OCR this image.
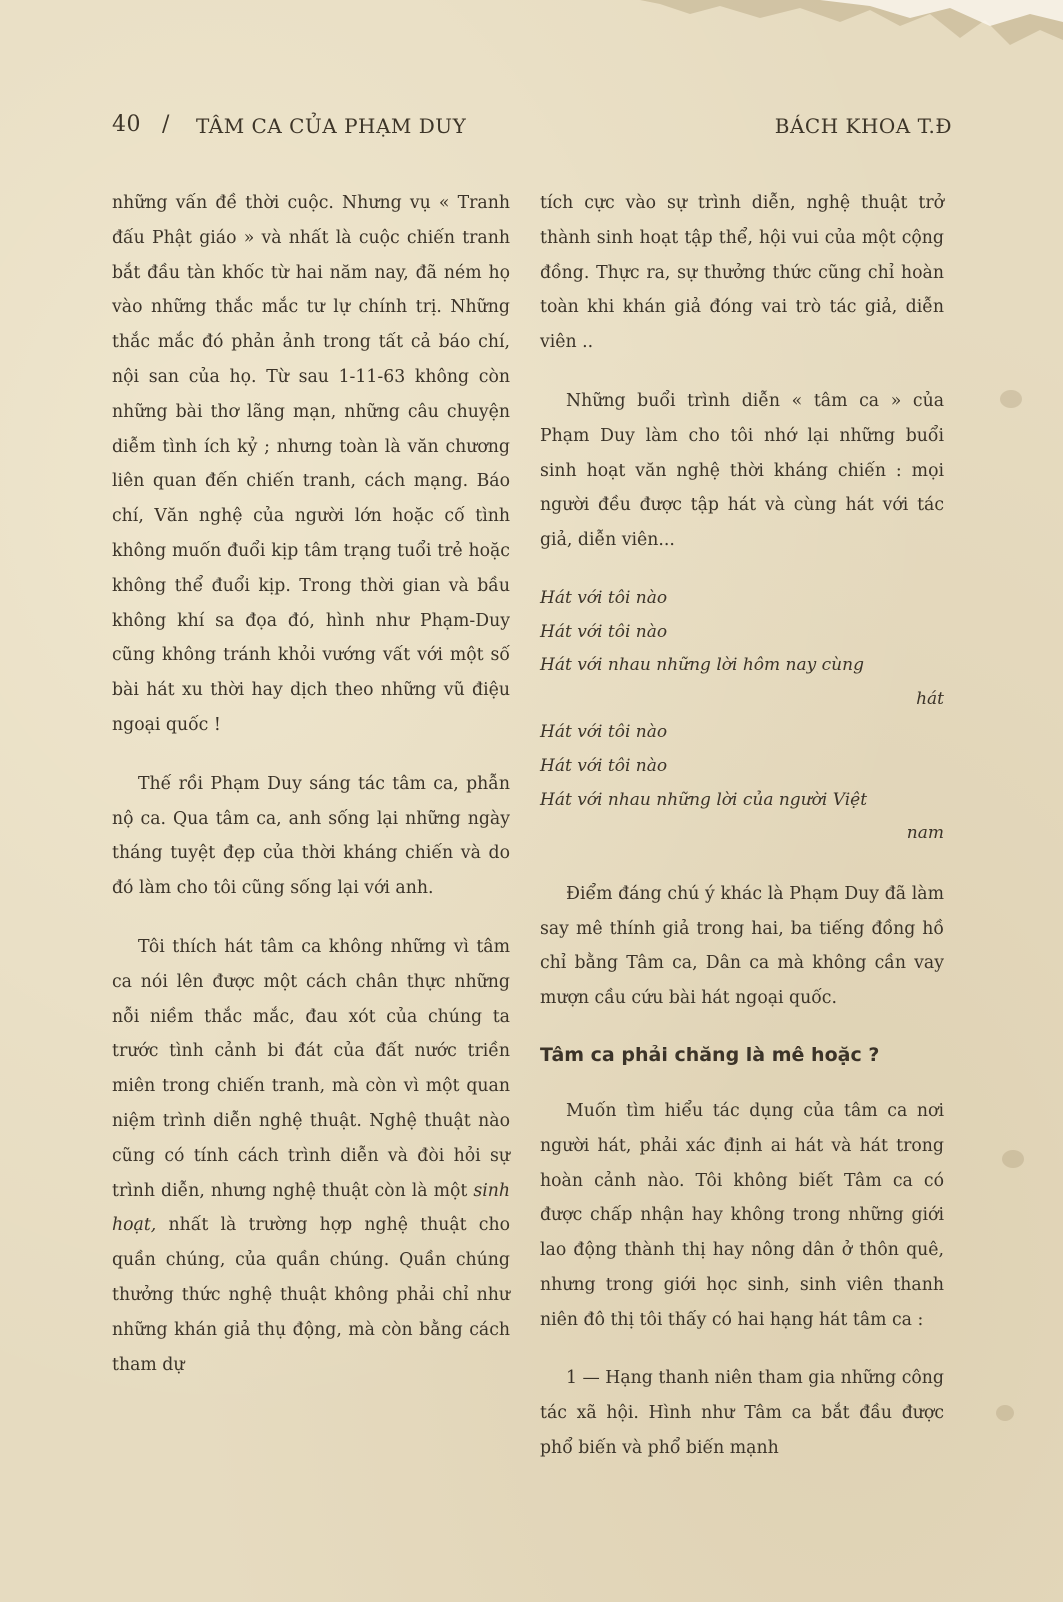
40 / TÂM CA CỦA PHẠM DUY	BÁCH KHOA T.Đ

những vấn đề thời cuộc. Nhưng vụ « Tranh đấu Phật giáo » và nhất là cuộc chiến tranh bắt đầu tàn khốc từ hai năm nay, đã ném họ vào những thắc mắc tư lự chính trị. Những thắc mắc đó phản ảnh trong tất cả báo chí, nội san của họ. Từ sau 1-11-63 không còn những bài thơ lãng mạn, những câu chuyện diễm tình ích kỷ ; nhưng toàn là văn chương liên quan đến chiến tranh, cách mạng. Báo chí, Văn nghệ của người lớn hoặc cố tình không muốn đuổi kịp tâm trạng tuổi trẻ hoặc không thể đuổi kịp. Trong thời gian và bầu không khí sa đọa đó, hình như Phạm-Duy cũng không tránh khỏi vướng vất với một số bài hát xu thời hay dịch theo những vũ điệu ngoại quốc !

Thế rồi Phạm Duy sáng tác tâm ca, phẫn nộ ca. Qua tâm ca, anh sống lại những ngày tháng tuyệt đẹp của thời kháng chiến và do đó làm cho tôi cũng sống lại với anh.

Tôi thích hát tâm ca không những vì tâm ca nói lên được một cách chân thực những nỗi niềm thắc mắc, đau xót của chúng ta trước tình cảnh bi đát của đất nước triền miên trong chiến tranh, mà còn vì một quan niệm trình diễn nghệ thuật. Nghệ thuật nào cũng có tính cách trình diễn và đòi hỏi sự trình diễn, nhưng nghệ thuật còn là một sinh hoạt, nhất là trường hợp nghệ thuật cho quần chúng, của quần chúng. Quần chúng thưởng thức nghệ thuật không phải chỉ như những khán giả thụ động, mà còn bằng cách tham dự

tích cực vào sự trình diễn, nghệ thuật trở thành sinh hoạt tập thể, hội vui của một cộng đồng. Thực ra, sự thưởng thức cũng chỉ hoàn toàn khi khán giả đóng vai trò tác giả, diễn viên ..

Những buổi trình diễn « tâm ca » của Phạm Duy làm cho tôi nhớ lại những buổi sinh hoạt văn nghệ thời kháng chiến : mọi người đều được tập hát và cùng hát với tác giả, diễn viên...

Hát với tôi nào
Hát với tôi nào
Hát với nhau những lời hôm nay cùng
hát
Hát với tôi nào
Hát với tôi nào
Hát với nhau những lời của người Việt
nam

Điểm đáng chú ý khác là Phạm Duy đã làm say mê thính giả trong hai, ba tiếng đồng hồ chỉ bằng Tâm ca, Dân ca mà không cần vay mượn cầu cứu bài hát ngoại quốc.

Tâm ca phải chăng là mê hoặc ?

Muốn tìm hiểu tác dụng của tâm ca nơi người hát, phải xác định ai hát và hát trong hoàn cảnh nào. Tôi không biết Tâm ca có được chấp nhận hay không trong những giới lao động thành thị hay nông dân ở thôn quê, nhưng trong giới học sinh, sinh viên thanh niên đô thị tôi thấy có hai hạng hát tâm ca :

1 — Hạng thanh niên tham gia những công tác xã hội. Hình như Tâm ca bắt đầu được phổ biến và phổ biến mạnh
